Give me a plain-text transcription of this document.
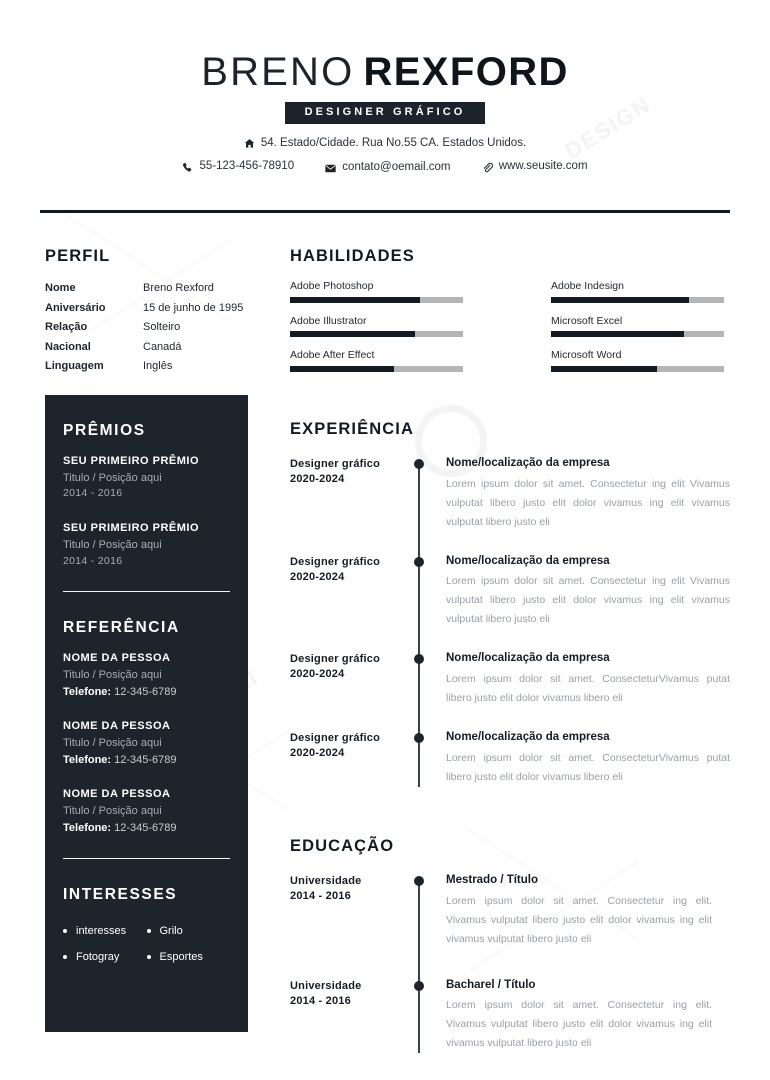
BRENO REXFORD
DESIGNER GRÁFICO
54. Estado/Cidade. Rua No.55 CA. Estados Unidos.
55-123-456-78910
	contato@oemail.com
	www.seusite.com
PERFIL
Nome	Breno Rexford
Aniversário	15 de junho de 1995
Relação	Solteiro
Nacional	Canadá
Linguagem	Inglês
HABILIDADES
Adobe Photoshop
Adobe Illustrator
Adobe After Effect
Adobe Indesign
Microsoft Excel
Microsoft Word
PRÊMIOS
SEU PRIMEIRO PRÊMIO
Titulo / Posição aqui
2014 - 2016
SEU PRIMEIRO PRÊMIO
Titulo / Posição aqui
2014 - 2016
REFERÊNCIA
NOME DA PESSOA
Titulo / Posição aqui
Telefone: 12-345-6789
NOME DA PESSOA
Titulo / Posição aqui
Telefone: 12-345-6789
NOME DA PESSOA
Titulo / Posição aqui
Telefone: 12-345-6789
INTERESSES
interesses	Grilo
Fotogray	Esportes
EXPERIÊNCIA
Designer gráfico
2020-2024
Nome/localização da empresa
Lorem ipsum dolor sit amet. Consectetur ing elit Vivamus vulputat libero justo elit dolor vivamus ing elit vivamus vulputat libero justo eli
Designer gráfico
2020-2024
Nome/localização da empresa
Lorem ipsum dolor sit amet. Consectetur ing elit Vivamus vulputat libero justo elit dolor vivamus ing elit vivamus vulputat libero justo eli
Designer gráfico
2020-2024
Nome/localização da empresa
Lorem ipsum dolor sit amet. ConsecteturVivamus putat libero justo elit dolor vivamus libero eli
Designer gráfico
2020-2024
Nome/localização da empresa
Lorem ipsum dolor sit amet. ConsecteturVivamus putat libero justo elit dolor vivamus libero eli
EDUCAÇÃO
Universidade
2014 - 2016
Mestrado / Título
Lorem ipsum dolor sit amet. Consectetur ing elit. Vivamus vulputat libero justo elit dolor vivamus ing elit vivamus vulputat libero justo eli
Universidade
2014 - 2016
Bacharel / Título
Lorem ipsum dolor sit amet. Consectetur ing elit. Vivamus vulputat libero justo elit dolor vivamus ing elit vivamus vulputat libero justo eli
